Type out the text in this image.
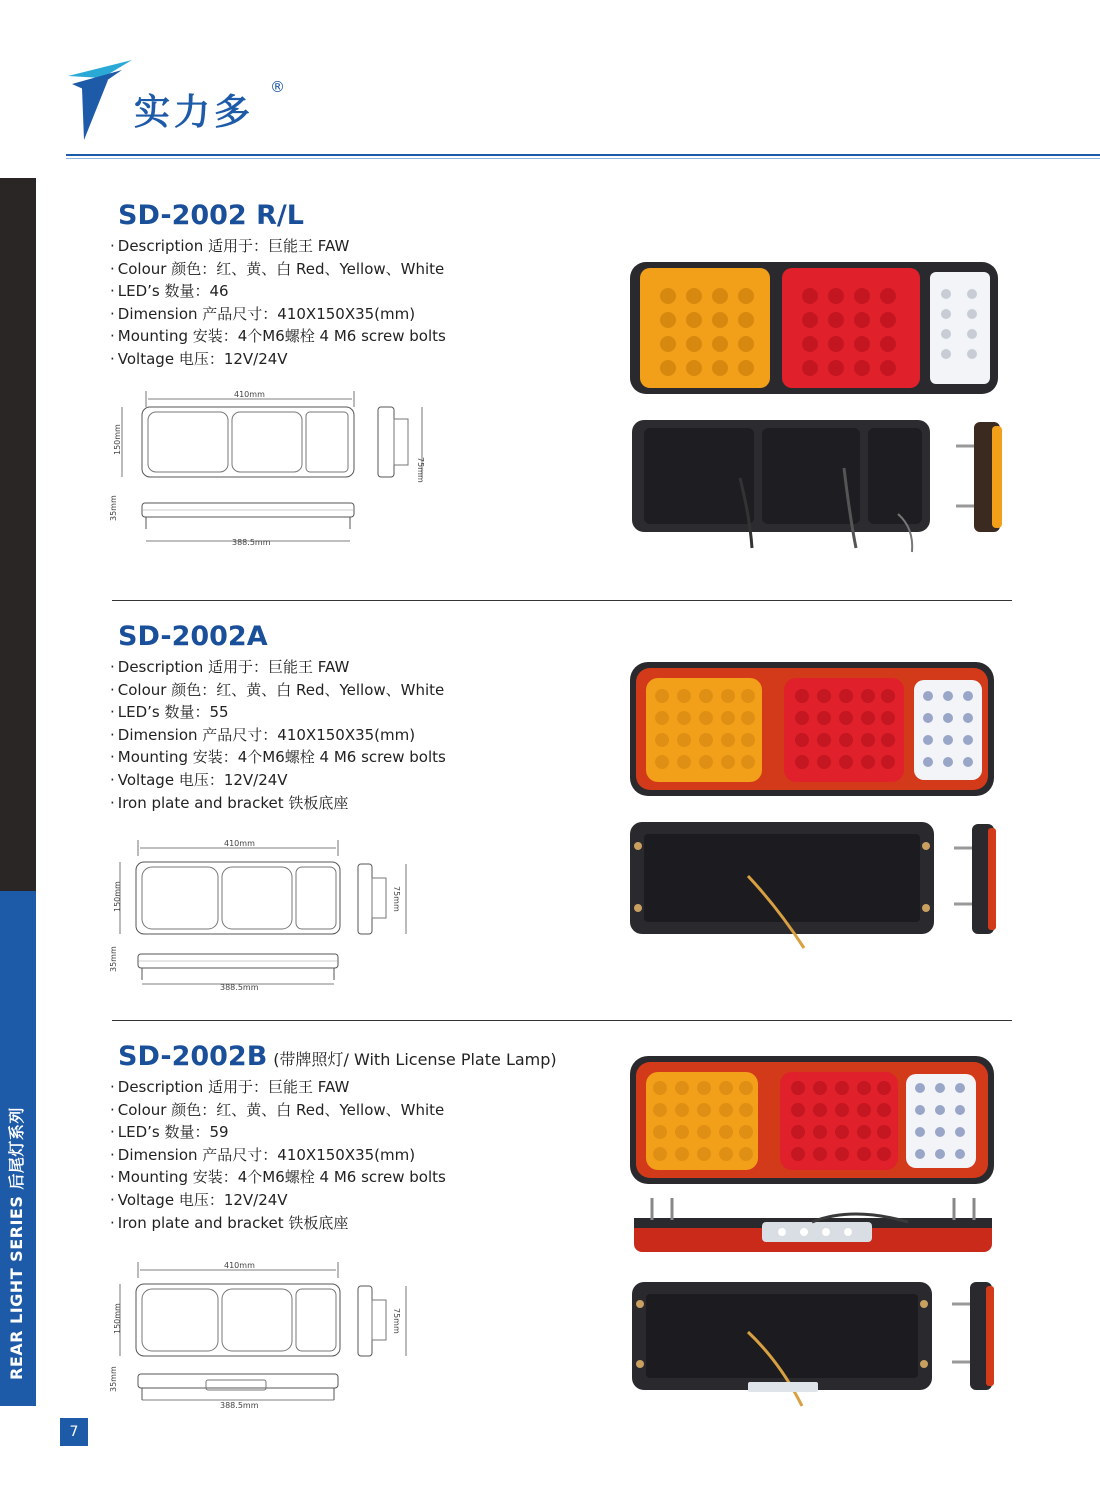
实力多
®
REAR LIGHT SERIES 后尾灯系列
SD-2002 R/L
· Description 适用于：巨能王 FAW
· Colour 颜色：红、黄、白 Red、Yellow、White
· LED’s 数量：46
· Dimension 产品尺寸：410X150X35(mm)
· Mounting 安装：4个M6螺栓 4 M6 screw bolts
· Voltage 电压：12V/24V
410mm
150mm
75mm
35mm
388.5mm
SD-2002A
· Description 适用于：巨能王 FAW
· Colour 颜色：红、黄、白 Red、Yellow、White
· LED’s 数量：55
· Dimension 产品尺寸：410X150X35(mm)
· Mounting 安装：4个M6螺栓 4 M6 screw bolts
· Voltage 电压：12V/24V
· Iron plate and bracket 铁板底座
410mm
150mm	75mm
35mm
388.5mm
SD-2002B (带牌照灯/ With License Plate Lamp)
· Description 适用于：巨能王 FAW
· Colour 颜色：红、黄、白 Red、Yellow、White
· LED’s 数量：59
· Dimension 产品尺寸：410X150X35(mm)
· Mounting 安装：4个M6螺栓 4 M6 screw bolts
· Voltage 电压：12V/24V
· Iron plate and bracket 铁板底座
410mm
150mm	75mm
35mm
388.5mm
7
